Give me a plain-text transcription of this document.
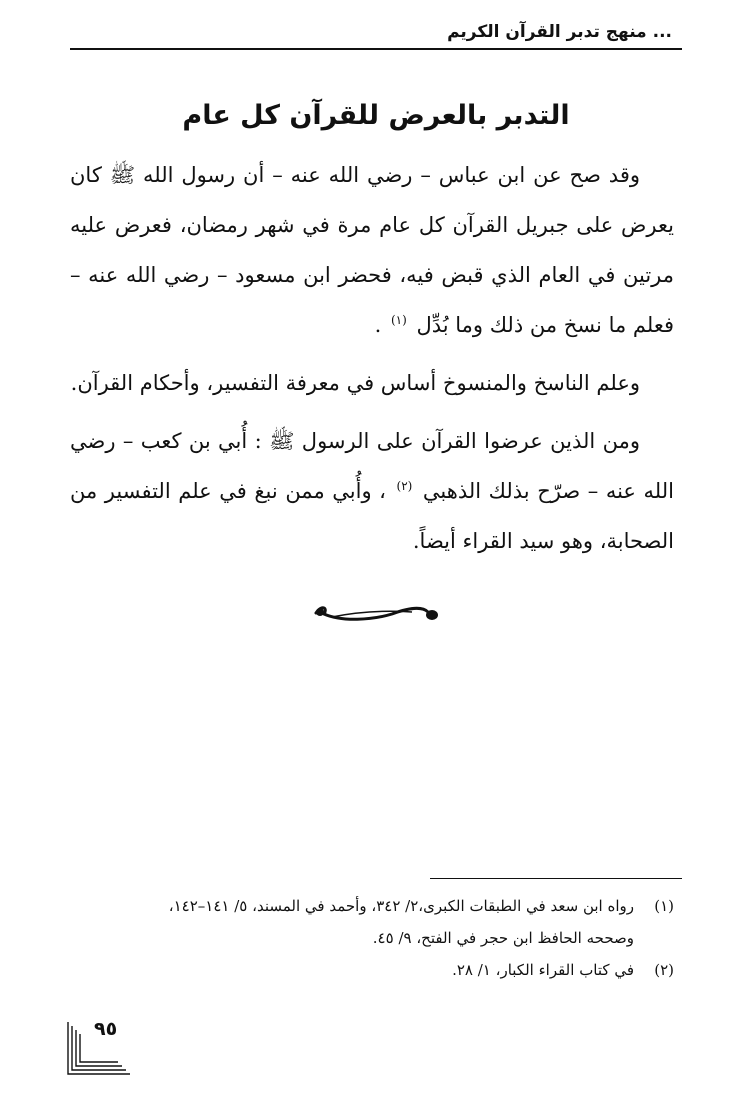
... منهج تدبر القرآن الكريم
التدبر بالعرض للقرآن كل عام

وقد صح عن ابن عباس – رضي الله عنه – أن رسول الله ﷺ كان يعرض على جبريل القرآن كل عام مرة في شهر رمضان، فعرض عليه مرتين في العام الذي قبض فيه، فحضر ابن مسعود – رضي الله عنه – فعلم ما نسخ من ذلك وما بُدِّل $^{(١)}$ .

وعلم الناسخ والمنسوخ أساس في معرفة التفسير، وأحكام القرآن.

ومن الذين عرضوا القرآن على الرسول ﷺ : أُبي بن كعب – رضي الله عنه – صرّح بذلك الذهبي $^{(٢)}$ ، وأُبي ممن نبغ في علم التفسير من الصحابة، وهو سيد القراء أيضاً.

(١)رواه ابن سعد في الطبقات الكبرى،٢/ ٣٤٢، وأحمد في المسند، ٥/ ١٤١–١٤٢،

وصححه الحافظ ابن حجر في الفتح، ٩/ ٤٥.

(٢)في كتاب القراء الكبار، ١/ ٢٨.

٩٥
